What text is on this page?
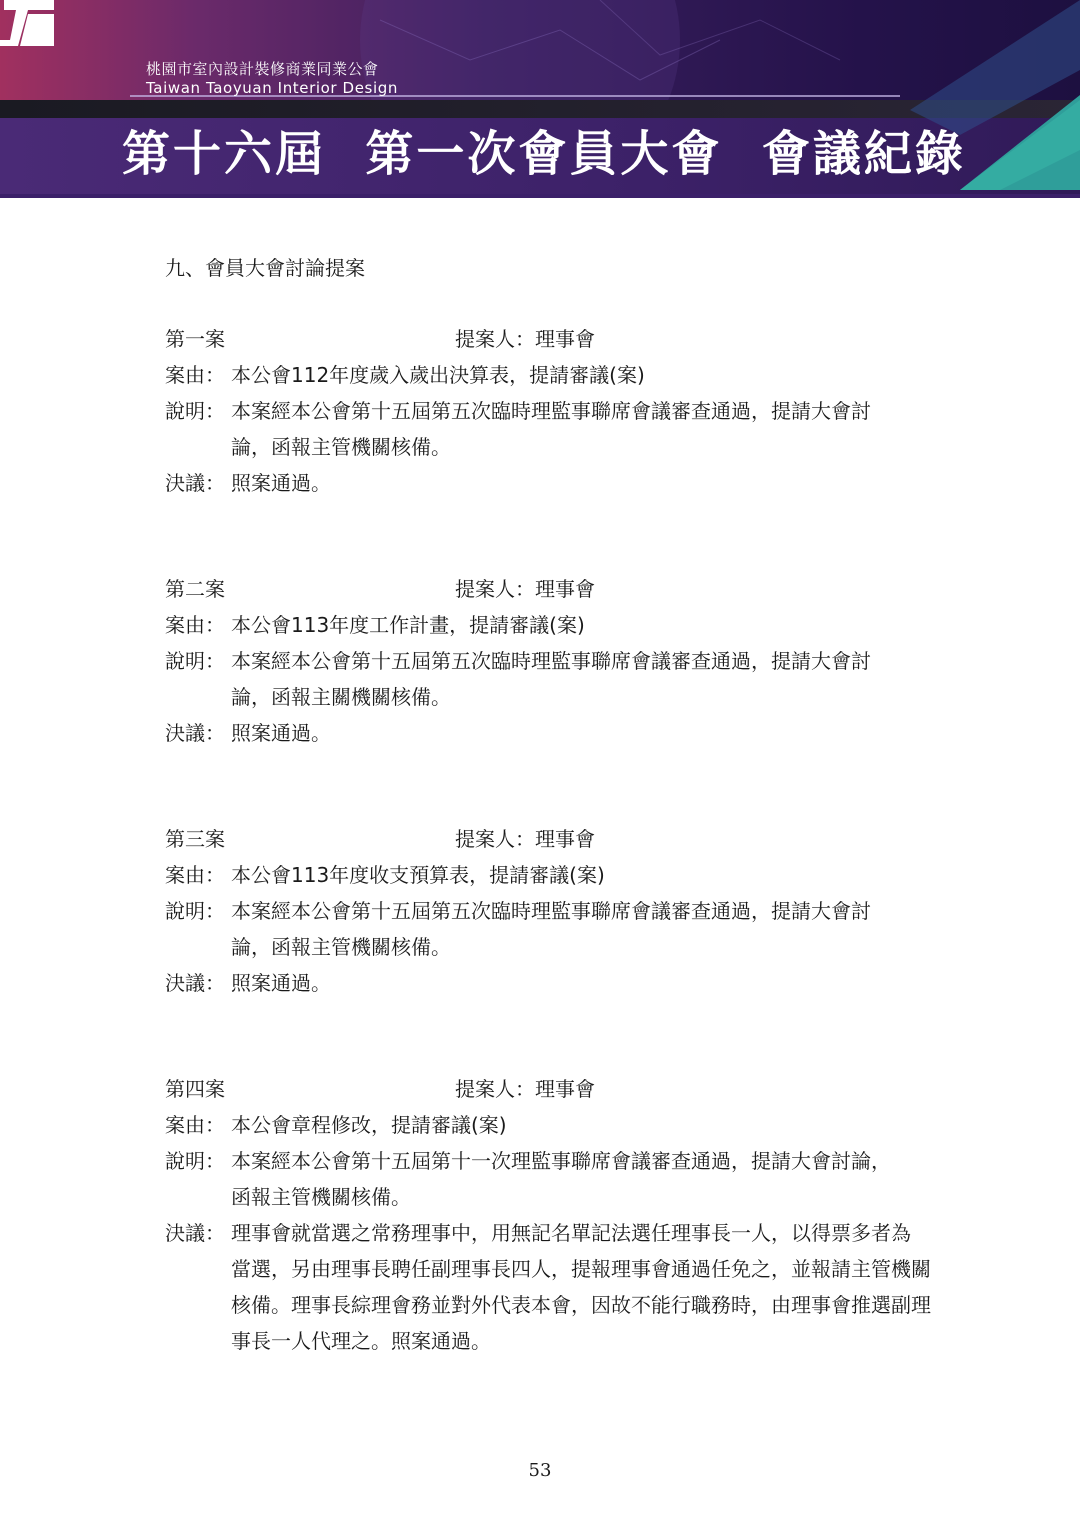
桃園市室內設計裝修商業同業公會
Taiwan Taoyuan Interior Design
第十六屆  第一次會員大會  會議紀錄
九、會員大會討論提案
第一案	提案人：理事會
案由： 本公會112年度歲入歲出決算表，提請審議(案)
說明： 本案經本公會第十五屆第五次臨時理監事聯席會議審查通過，提請大會討
論，函報主管機關核備。
決議： 照案通過。
第二案	提案人：理事會
案由： 本公會113年度工作計畫，提請審議(案)
說明： 本案經本公會第十五屆第五次臨時理監事聯席會議審查通過，提請大會討
論，函報主關機關核備。
決議： 照案通過。
第三案	提案人：理事會
案由： 本公會113年度收支預算表，提請審議(案)
說明： 本案經本公會第十五屆第五次臨時理監事聯席會議審查通過，提請大會討
論，函報主管機關核備。
決議： 照案通過。
第四案	提案人：理事會
案由： 本公會章程修改，提請審議(案)
說明： 本案經本公會第十五屆第十一次理監事聯席會議審查通過，提請大會討論，
函報主管機關核備。
決議： 理事會就當選之常務理事中，用無記名單記法選任理事長一人，以得票多者為
當選，另由理事長聘任副理事長四人，提報理事會通過任免之，並報請主管機關
核備。理事長綜理會務並對外代表本會，因故不能行職務時，由理事會推選副理
事長一人代理之。照案通過。
53
